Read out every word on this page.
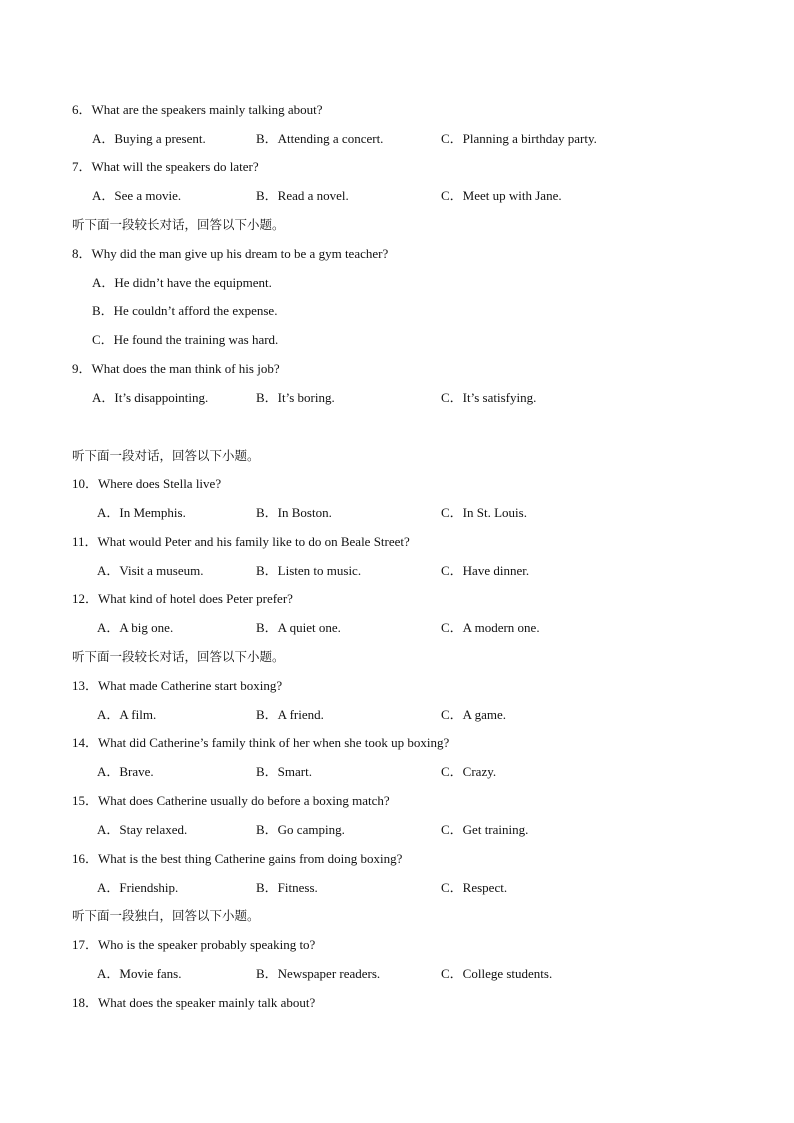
6．What are the speakers mainly talking about?
A．Buying a present.	B．Attending a concert.	C．Planning a birthday party.
7．What will the speakers do later?
A．See a movie.	B．Read a novel.	C．Meet up with Jane.
听下面一段较长对话，回答以下小题。
8．Why did the man give up his dream to be a gym teacher?
A．He didn’t have the equipment.
B．He couldn’t afford the expense.
C．He found the training was hard.
9．What does the man think of his job?
A．It’s disappointing.	B．It’s boring.	C．It’s satisfying.
听下面一段对话，回答以下小题。
10．Where does Stella live?
A．In Memphis.	B．In Boston.	C．In St. Louis.
11．What would Peter and his family like to do on Beale Street?
A．Visit a museum.	B．Listen to music.	C．Have dinner.
12．What kind of hotel does Peter prefer?
A．A big one.	B．A quiet one.	C．A modern one.
听下面一段较长对话，回答以下小题。
13．What made Catherine start boxing?
A．A film.	B．A friend.	C．A game.
14．What did Catherine’s family think of her when she took up boxing?
A．Brave.	B．Smart.	C．Crazy.
15．What does Catherine usually do before a boxing match?
A．Stay relaxed.	B．Go camping.	C．Get training.
16．What is the best thing Catherine gains from doing boxing?
A．Friendship.	B．Fitness.	C．Respect.
听下面一段独白，回答以下小题。
17．Who is the speaker probably speaking to?
A．Movie fans.	B．Newspaper readers.	C．College students.
18．What does the speaker mainly talk about?
